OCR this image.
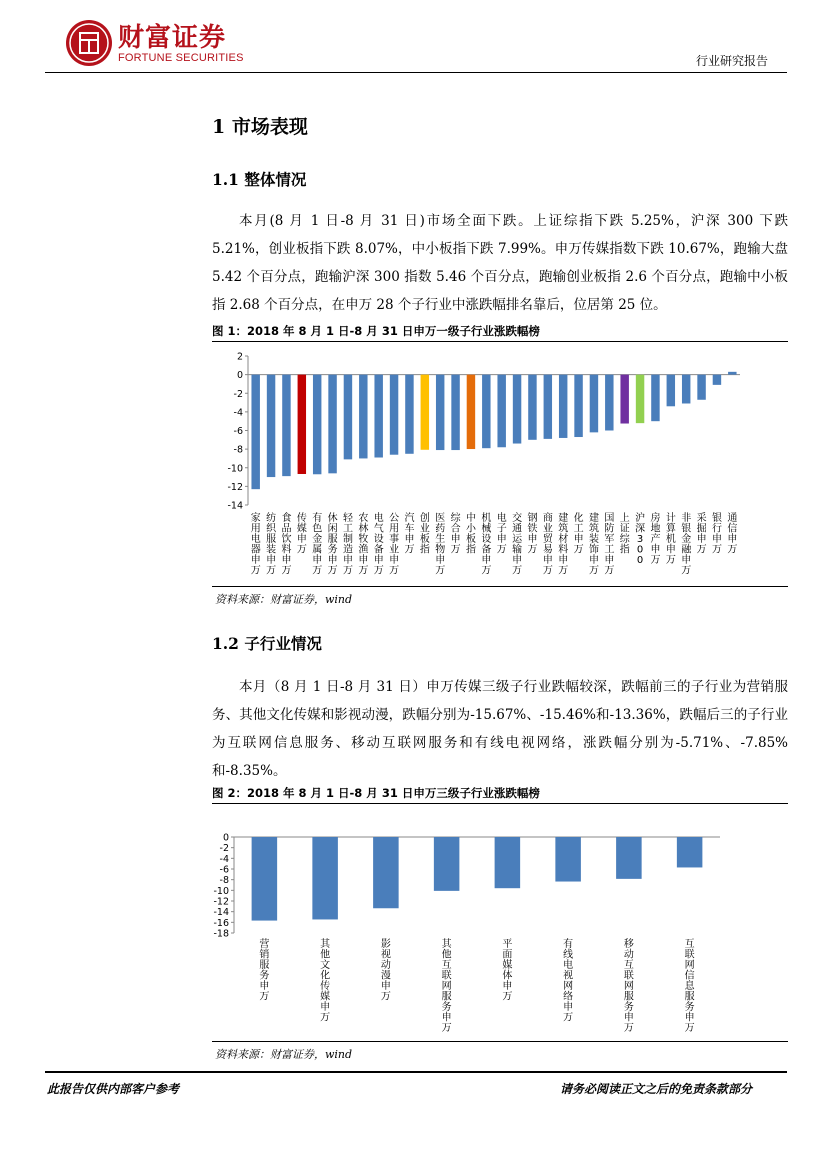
财富证券
FORTUNE SECURITIES	行业研究报告
1 市场表现
1.1 整体情况

本月(8 月 1 日-8 月 31 日)市场全面下跌。上证综指下跌 5.25%，沪深 300 下跌 5.21%，创业板指下跌 8.07%，中小板指下跌 7.99%。申万传媒指数下跌 10.67%，跑输大盘 5.42 个百分点，跑输沪深 300 指数 5.46 个百分点，跑输创业板指 2.6 个百分点，跑输中小板指 2.68 个百分点，在申万 28 个子行业中涨跌幅排名靠后，位居第 25 位。

图 1：2018 年 8 月 1 日-8 月 31 日申万一级子行业涨跌幅榜
2
0
-2
-4
-6
-8
-10
-12
-14
家用电器申万
纺织服装申万
食品饮料申万
传媒申万
有色金属申万
休闲服务申万
轻工制造申万
农林牧渔申万
电气设备申万
公用事业申万
汽车申万
创业板指
医药生物申万
综合申万
中小板指
机械设备申万
电子申万
交通运输申万
钢铁申万
商业贸易申万
建筑材料申万
化工申万
建筑装饰申万
国防军工申万
上证综指
沪深 3 0 0
房地产申万
计算机申万
非银金融申万
采掘申万
银行申万
通信申万
资料来源：财富证券，wind
1.2 子行业情况

本月（8 月 1 日-8 月 31 日）申万传媒三级子行业跌幅较深，跌幅前三的子行业为营销服务、其他文化传媒和影视动漫，跌幅分别为-15.67%、-15.46%和-13.36%，跌幅后三的子行业为互联网信息服务、移动互联网服务和有线电视网络，涨跌幅分别为-5.71%、-7.85%和-8.35%。

图 2：2018 年 8 月 1 日-8 月 31 日申万三级子行业涨跌幅榜
0
-2
-4
-6
-8
-10
-12
-14
-16
-18
营销服务申万
其他文化传媒申万
影视动漫申万
其他互联网服务申万
平面媒体申万
有线电视网络申万
移动互联网服务申万
互联网信息服务申万
资料来源：财富证券，wind
此报告仅供内部客户参考	请务必阅读正文之后的免责条款部分
